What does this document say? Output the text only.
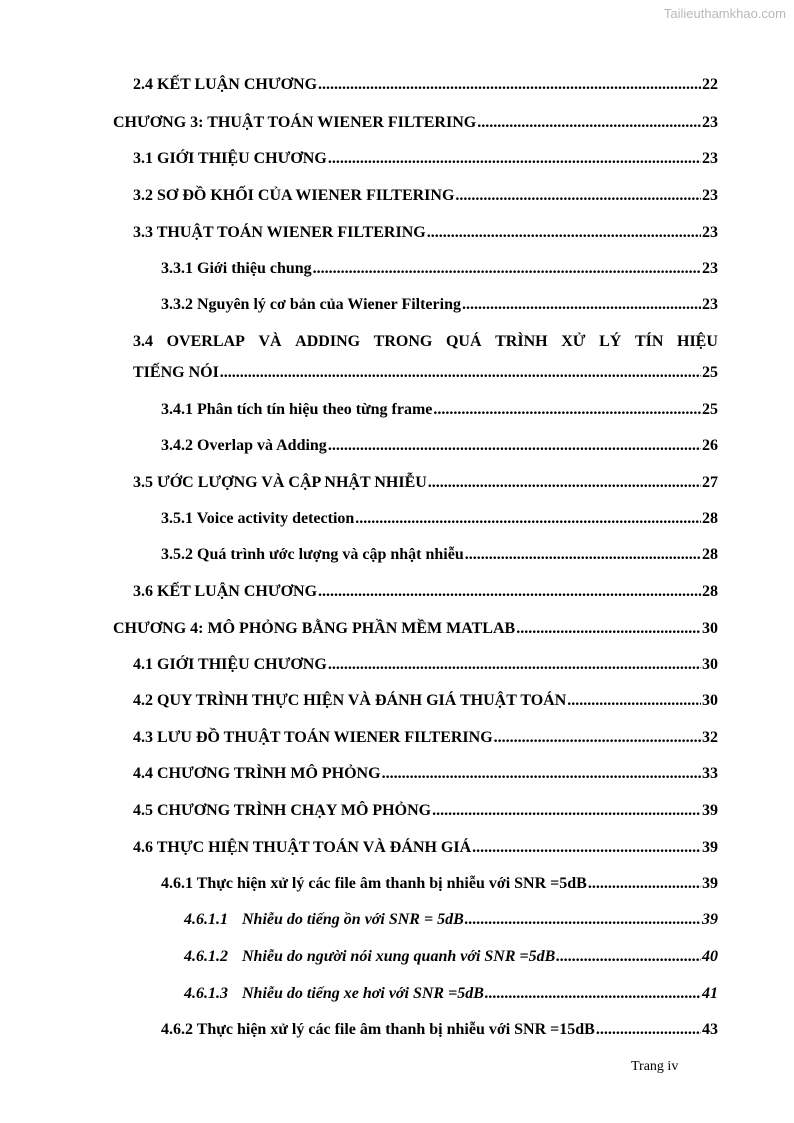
Tailieuthamkhao.com
2.4 KẾT LUẬN CHƯƠNG .....	22
CHƯƠNG 3: THUẬT TOÁN WIENER FILTERING .....	23
3.1 GIỚI THIỆU CHƯƠNG .....	23
3.2 SƠ ĐỒ KHỐI CỦA WIENER FILTERING .....	23
3.3 THUẬT TOÁN WIENER FILTERING .....	23
3.3.1 Giới thiệu chung .....	23
3.3.2 Nguyên lý cơ bản của Wiener Filtering .....	23
3.4 OVERLAP VÀ ADDING TRONG QUÁ TRÌNH XỬ LÝ TÍN HIỆU
TIẾNG NÓI .....	25
3.4.1 Phân tích tín hiệu theo từng frame .....	25
3.4.2 Overlap và Adding .....	26
3.5 ƯỚC LƯỢNG VÀ CẬP NHẬT NHIỄU .....	27
3.5.1 Voice activity detection .....	28
3.5.2 Quá trình ước lượng và cập nhật nhiễu .....	28
3.6 KẾT LUẬN CHƯƠNG .....	28
CHƯƠNG 4: MÔ PHỎNG BẰNG PHẦN MỀM MATLAB .....	30
4.1 GIỚI THIỆU CHƯƠNG .....	30
4.2 QUY TRÌNH THỰC HIỆN VÀ ĐÁNH GIÁ THUẬT TOÁN .....	30
4.3 LƯU ĐỒ THUẬT TOÁN WIENER FILTERING .....	32
4.4 CHƯƠNG TRÌNH MÔ PHỎNG .....	33
4.5 CHƯƠNG TRÌNH CHẠY MÔ PHỎNG .....	39
4.6 THỰC HIỆN THUẬT TOÁN VÀ ĐÁNH GIÁ .....	39
4.6.1 Thực hiện xử lý các file âm thanh bị nhiễu với SNR =5dB .....	39
4.6.1.1 Nhiễu do tiếng ồn với SNR = 5dB .....	39
4.6.1.2 Nhiễu do người nói xung quanh với SNR =5dB .....	40
4.6.1.3 Nhiễu do tiếng xe hơi với SNR =5dB .....	41
4.6.2 Thực hiện xử lý các file âm thanh bị nhiễu với SNR =15dB .....	43
Trang iv
